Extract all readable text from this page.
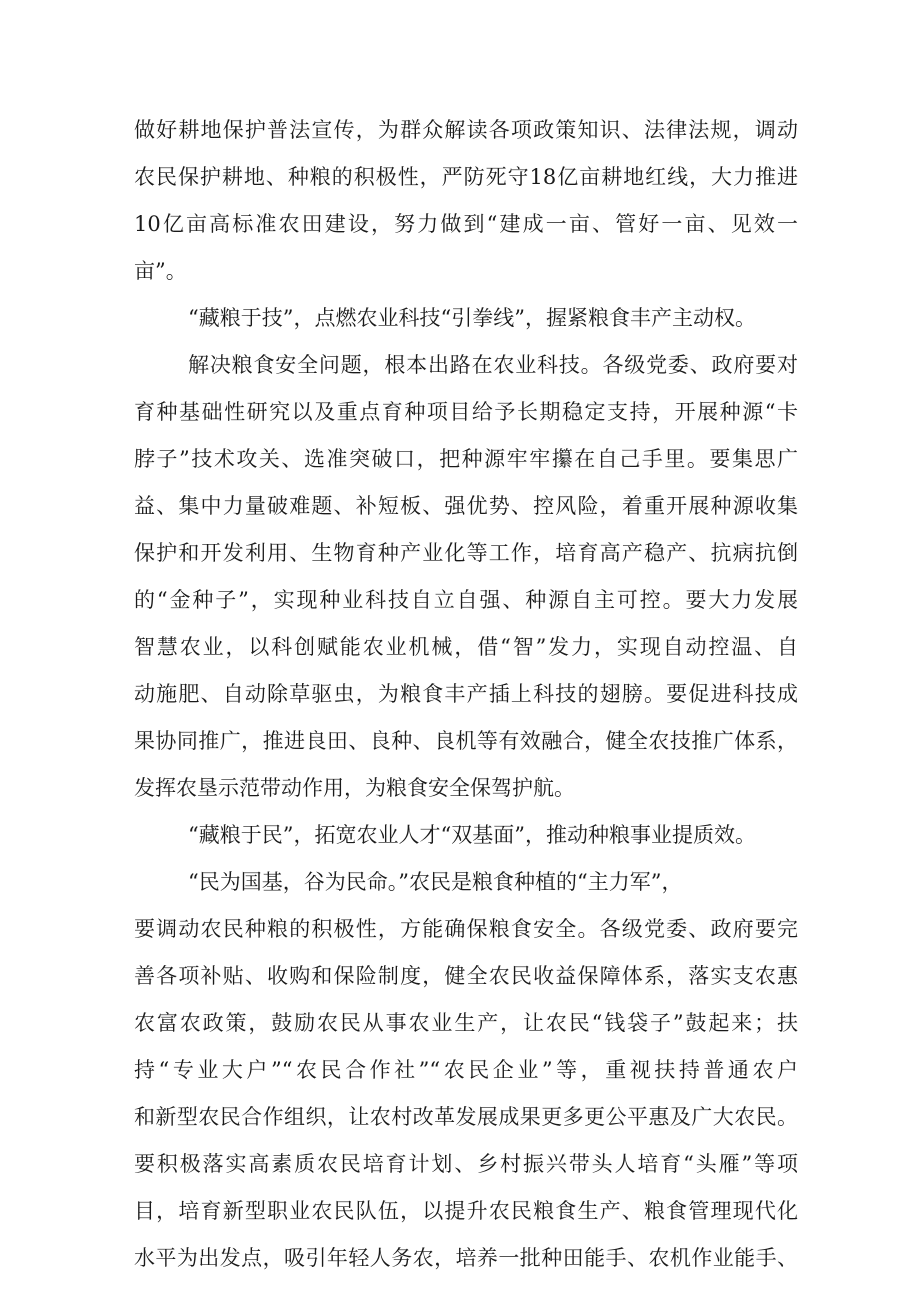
做好耕地保护普法宣传，为群众解读各项政策知识、法律法规，调动
农民保护耕地、种粮的积极性，严防死守18亿亩耕地红线，大力推进
10亿亩高标准农田建设，努力做到“建成一亩、管好一亩、见效一
亩”。
“藏粮于技”，点燃农业科技“引拳线”，握紧粮食丰产主动权。
解决粮食安全问题，根本出路在农业科技。各级党委、政府要对
育种基础性研究以及重点育种项目给予长期稳定支持，开展种源“卡
脖子”技术攻关、选准突破口，把种源牢牢攥在自己手里。要集思广
益、集中力量破难题、补短板、强优势、控风险，着重开展种源收集
保护和开发利用、生物育种产业化等工作，培育高产稳产、抗病抗倒
的“金种子”，实现种业科技自立自强、种源自主可控。要大力发展
智慧农业，以科创赋能农业机械，借“智”发力，实现自动控温、自
动施肥、自动除草驱虫，为粮食丰产插上科技的翅膀。要促进科技成
果协同推广，推进良田、良种、良机等有效融合，健全农技推广体系，
发挥农垦示范带动作用，为粮食安全保驾护航。
“藏粮于民”，拓宽农业人才“双基面”，推动种粮事业提质效。
“民为国基，谷为民命。”农民是粮食种植的“主力军”，
要调动农民种粮的积极性，方能确保粮食安全。各级党委、政府要完
善各项补贴、收购和保险制度，健全农民收益保障体系，落实支农惠
农富农政策，鼓励农民从事农业生产，让农民“钱袋子”鼓起来；扶
持“专业大户”“农民合作社”“农民企业”等，重视扶持普通农户
和新型农民合作组织，让农村改革发展成果更多更公平惠及广大农民。
要积极落实高素质农民培育计划、乡村振兴带头人培育“头雁”等项
目，培育新型职业农民队伍，以提升农民粮食生产、粮食管理现代化
水平为出发点，吸引年轻人务农，培养一批种田能手、农机作业能手、
